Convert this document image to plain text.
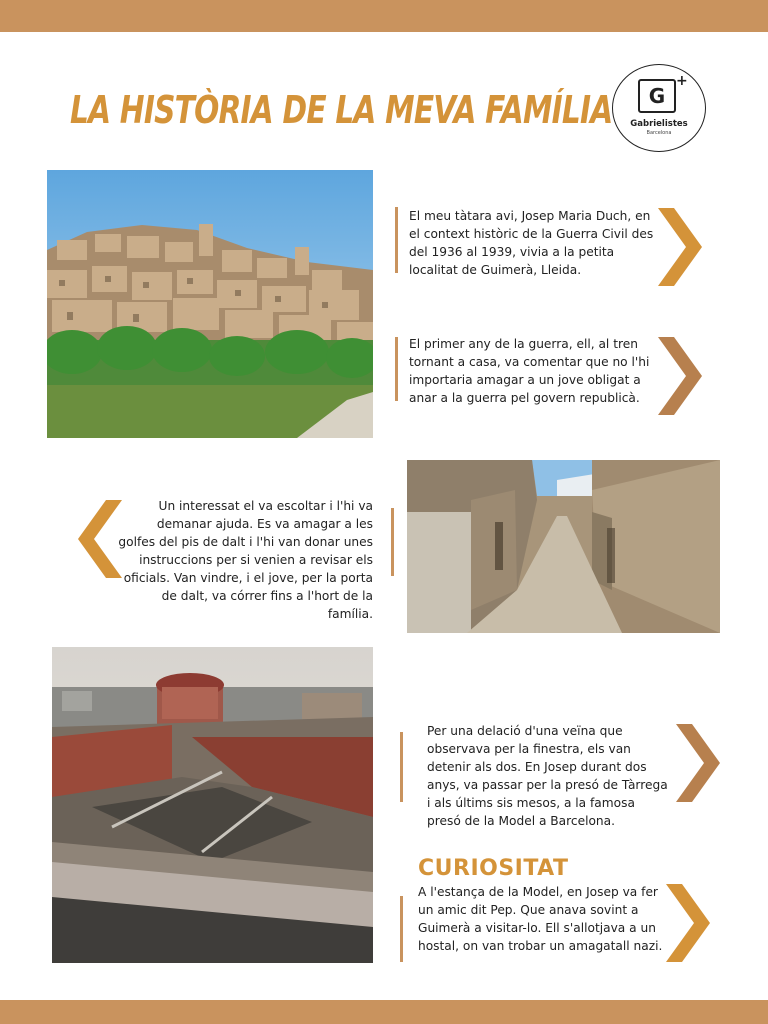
LA HISTÒRIA DE LA MEVA FAMÍLIA	G
+
Gabrielistes
Barcelona

El meu tàtara avi, Josep Maria Duch, en el context històric de la Guerra Civil des del 1936 al 1939, vivia a la petita localitat de Guimerà, Lleida.

El primer any de la guerra, ell, al tren tornant a casa, va comentar que no l'hi importaria amagar a un jove obligat a anar a la guerra pel govern republicà.

Un interessat el va escoltar i l'hi va demanar ajuda. Es va amagar a les golfes del pis de dalt i l'hi van donar unes instruccions per si venien a revisar els oficials. Van vindre, i el jove, per la porta de dalt, va córrer fins a l'hort de la família.

Per una delació d'una veïna que observava per la finestra, els van detenir als dos. En Josep durant dos anys, va passar per la presó de Tàrrega i als últims sis mesos, a la famosa presó de la Model a Barcelona.

CURIOSITAT

A l'estança de la Model, en Josep va fer un amic dit Pep. Que anava sovint a Guimerà a visitar-lo. Ell s'allotjava a un hostal, on van trobar un amagatall nazi.
